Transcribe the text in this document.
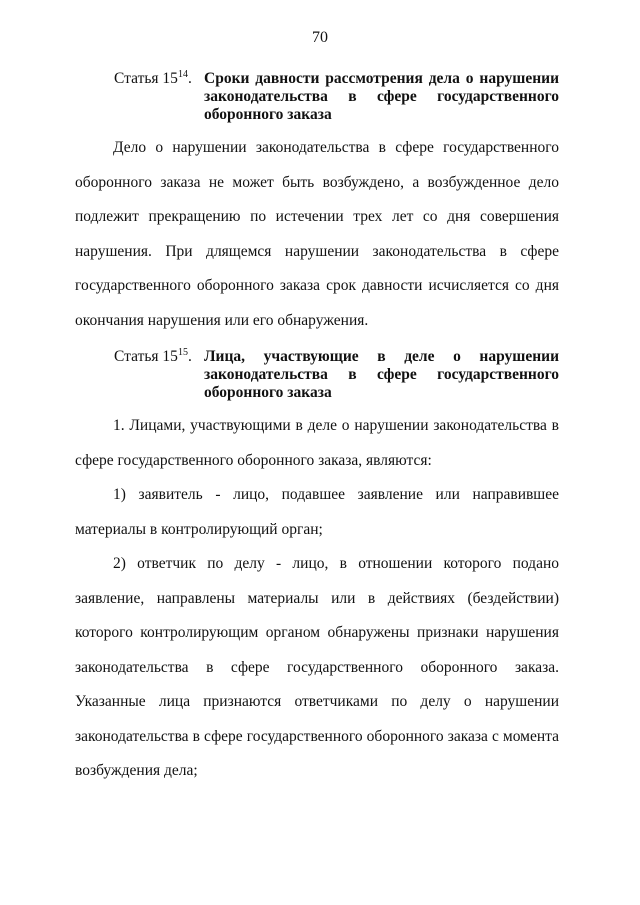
70
Статья $15^{14}$. Сроки давности рассмотрения дела о нарушении законодательства в сфере государственного оборонного заказа

Дело о нарушении законодательства в сфере государственного оборонного заказа не может быть возбуждено, а возбужденное дело подлежит прекращению по истечении трех лет со дня совершения нарушения. При длящемся нарушении законодательства в сфере государственного оборонного заказа срок давности исчисляется со дня окончания нарушения или его обнаружения.

Статья $15^{15}$. Лица, участвующие в деле о нарушении законодательства в сфере государственного оборонного заказа

1. Лицами, участвующими в деле о нарушении законодательства в сфере государственного оборонного заказа, являются:

1) заявитель - лицо, подавшее заявление или направившее материалы в контролирующий орган;

2) ответчик по делу - лицо, в отношении которого подано заявление, направлены материалы или в действиях (бездействии) которого контролирующим органом обнаружены признаки нарушения законодательства в сфере государственного оборонного заказа. Указанные лица признаются ответчиками по делу о нарушении законодательства в сфере государственного оборонного заказа с момента возбуждения дела;
